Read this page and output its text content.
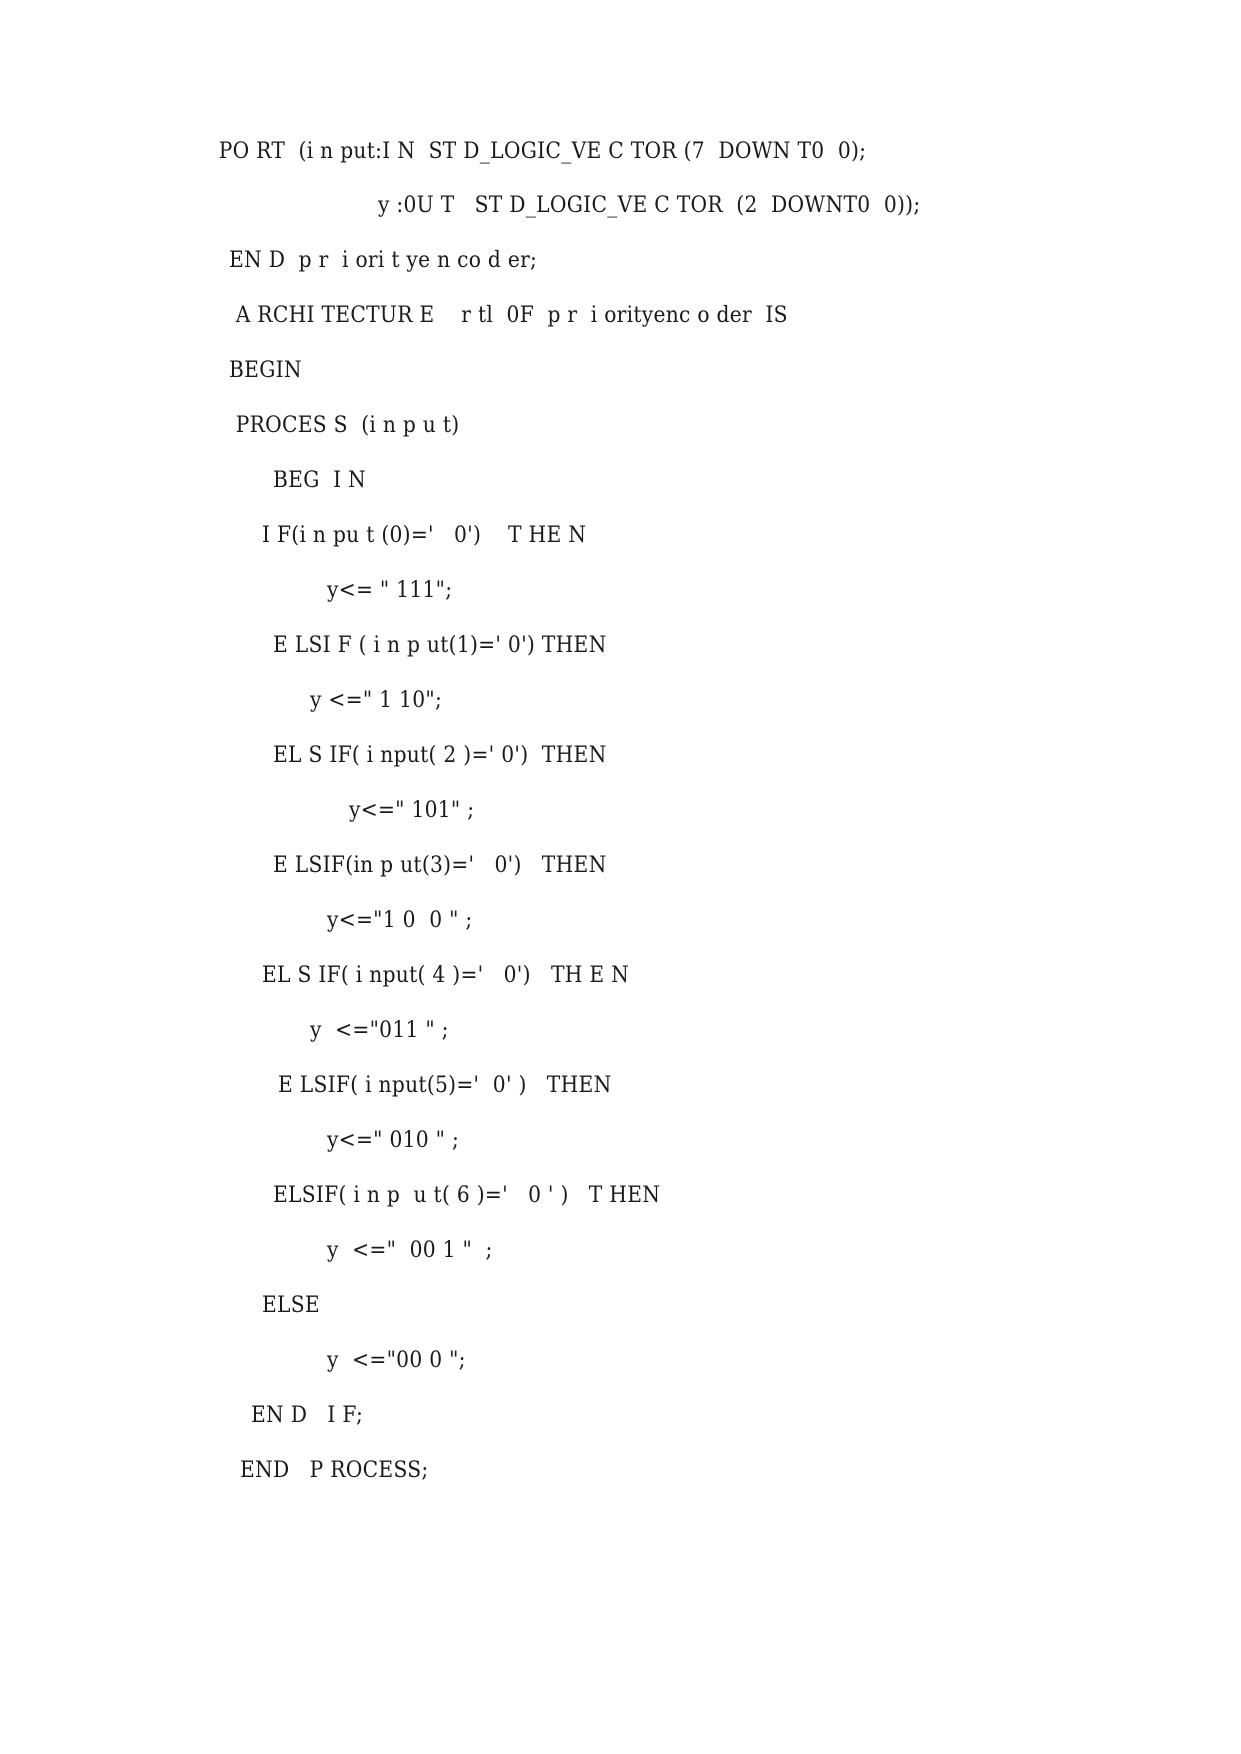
PO RT  (i n put:I N  ST D_LOGIC_VE C TOR (7  DOWN T0  0);
y :0U T   ST D_LOGIC_VE C TOR  (2  DOWNT0  0));
EN D  p r  i ori t ye n co d er;
A RCHI TECTUR E    r tl  0F  p r  i orityenc o der  IS
BEGIN
PROCES S  (i n p u t)
BEG  I N
I F(i n pu t (0)='   0')    T HE N
y<= " 111";
E LSI F ( i n p ut(1)=' 0') THEN
y <=" 1 10";
EL S IF( i nput( 2 )=' 0')  THEN
y<=" 101" ;
E LSIF(in p ut(3)='   0')   THEN
y<="1 0  0 " ;
EL S IF( i nput( 4 )='   0')   TH E N
y  <="011 " ;
E LSIF( i nput(5)='  0' )   THEN
y<=" 010 " ;
ELSIF( i n p  u t( 6 )='   0 ' )   T HEN
y  <="  00 1 "  ;
ELSE
y  <="00 0 ";
EN D   I F;
END   P ROCESS;
